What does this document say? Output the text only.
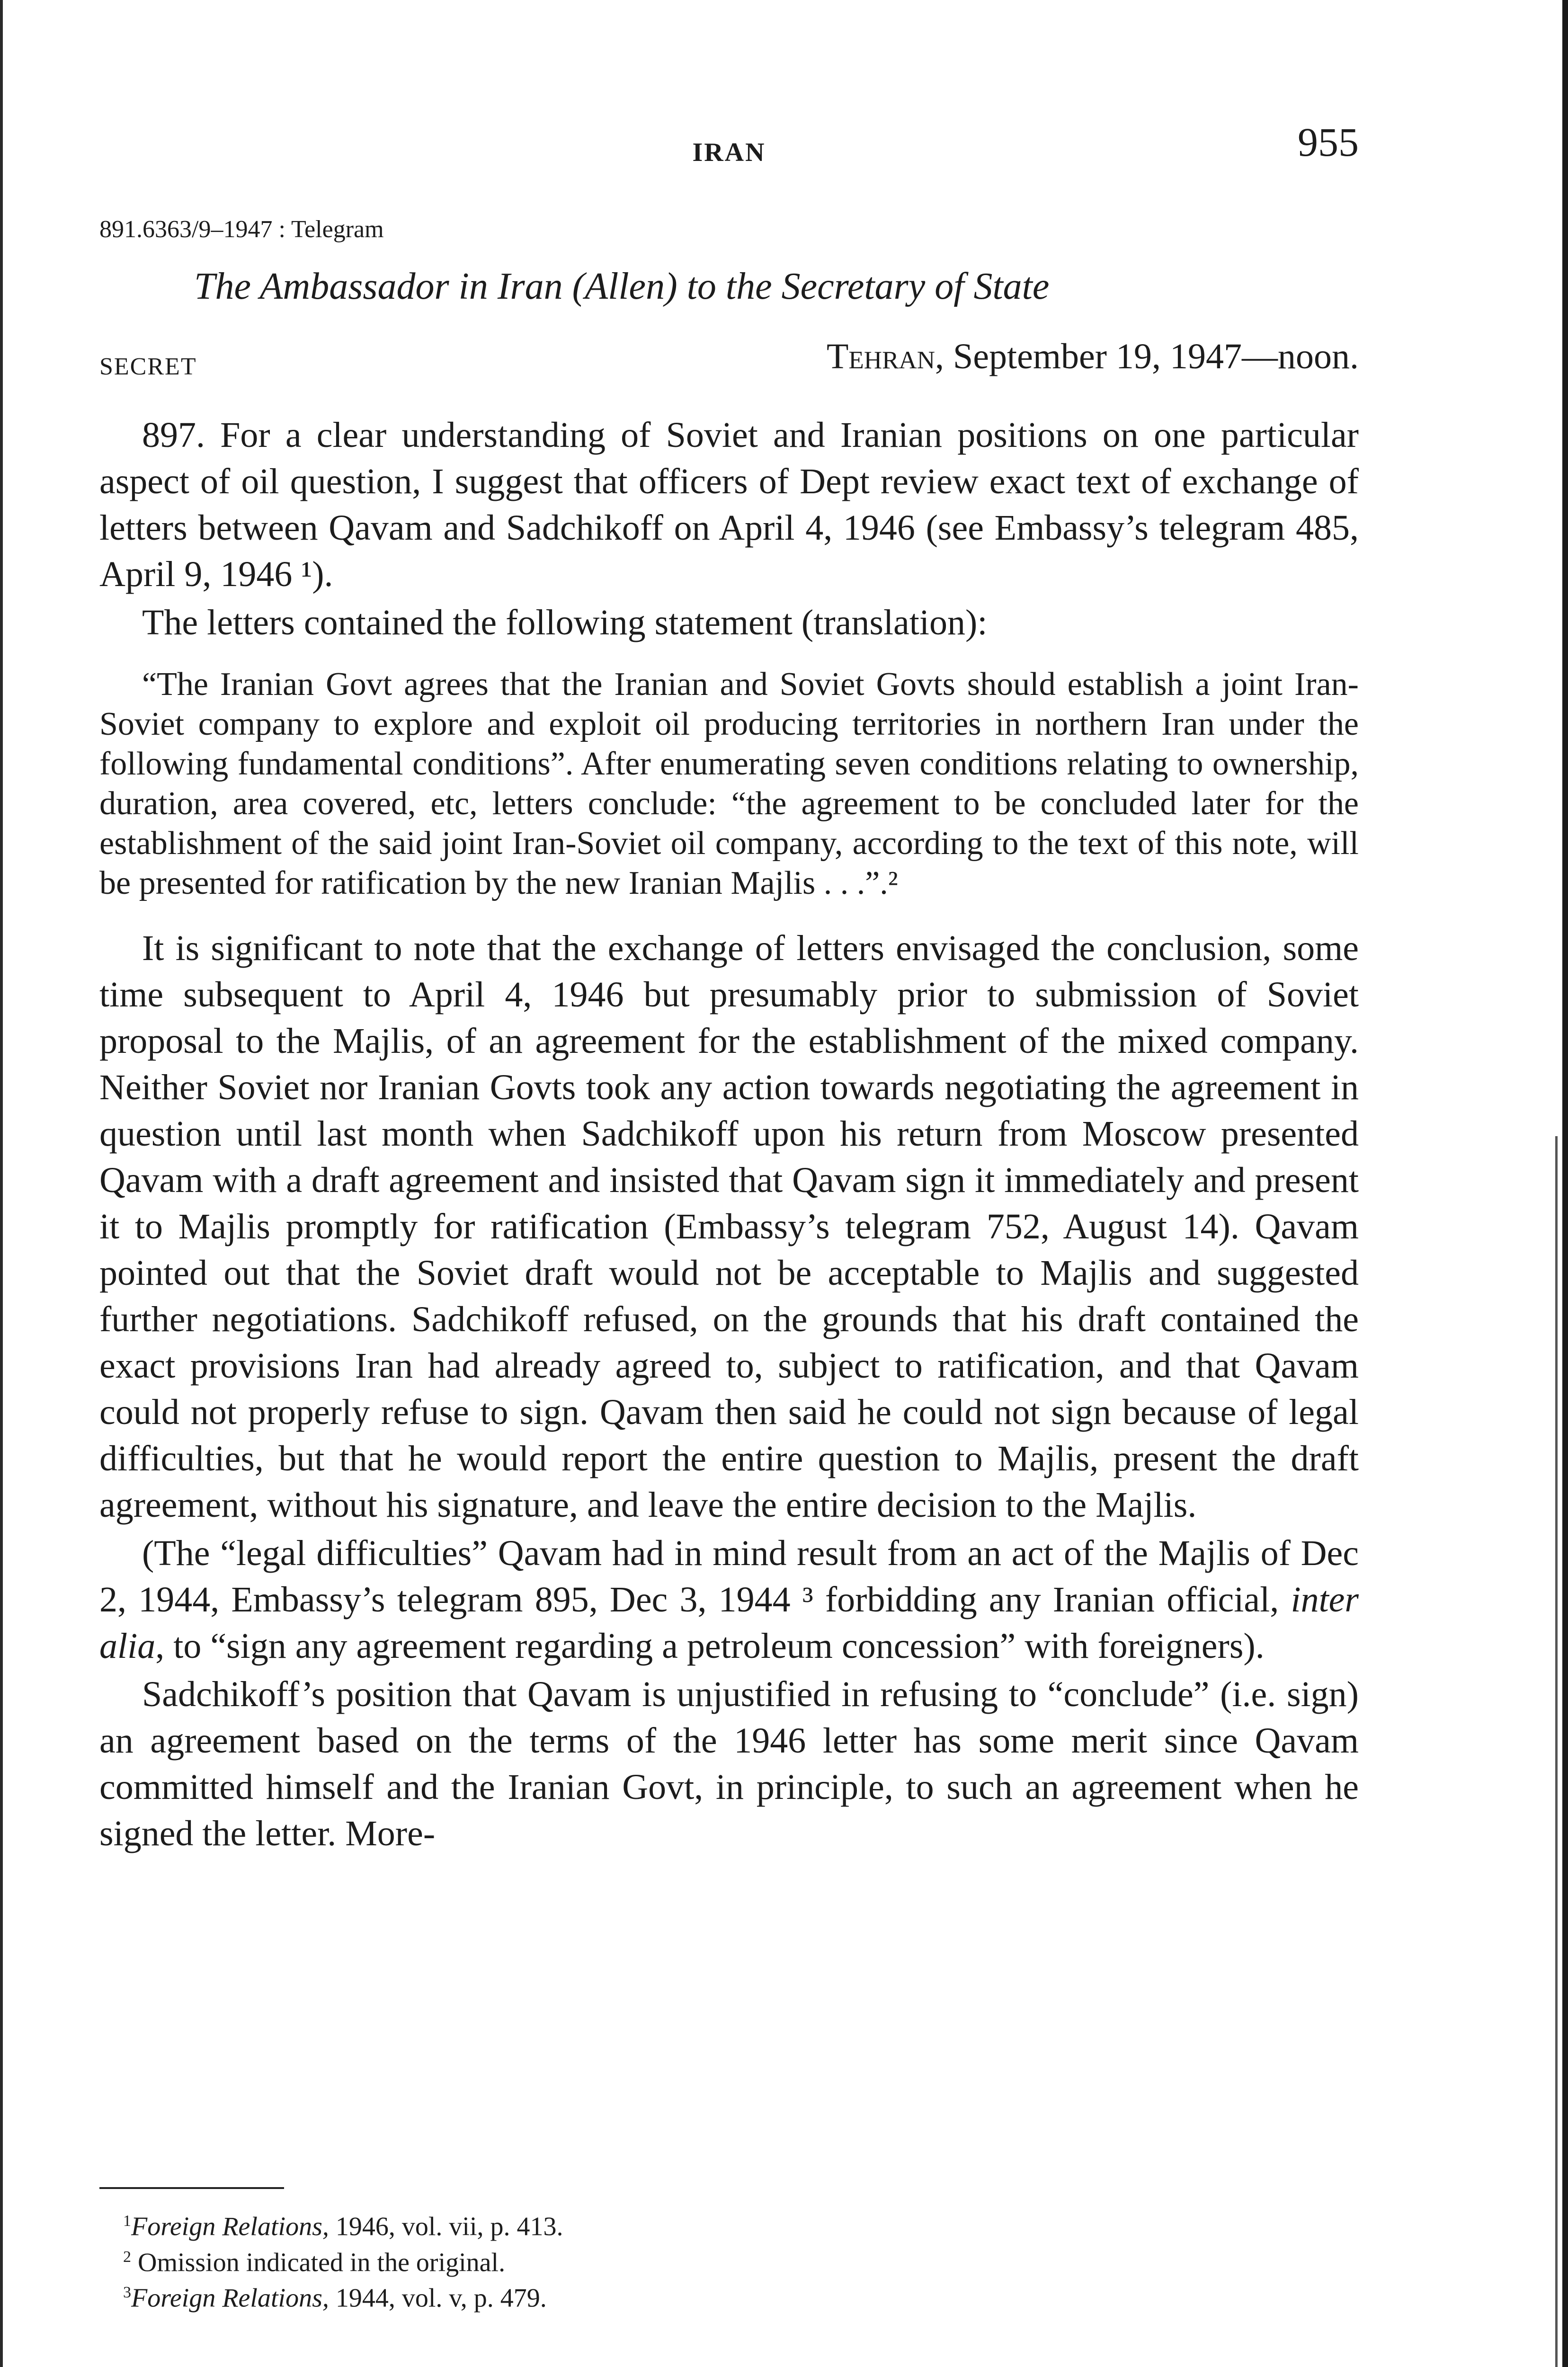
IRAN	955
891.6363/9–1947 : Telegram
The Ambassador in Iran (Allen) to the Secretary of State
SECRET	Tehran, September 19, 1947—noon.

897. For a clear understanding of Soviet and Iranian positions on one particular aspect of oil question, I suggest that officers of Dept review exact text of exchange of letters between Qavam and Sadchikoff on April 4, 1946 (see Embassy’s telegram 485, April 9, 1946 ¹).

The letters contained the following statement (translation):

“The Iranian Govt agrees that the Iranian and Soviet Govts should establish a joint Iran-Soviet company to explore and exploit oil producing territories in northern Iran under the following fundamental conditions”. After enumerating seven conditions relating to ownership, duration, area covered, etc, letters conclude: “the agreement to be concluded later for the establishment of the said joint Iran-Soviet oil company, according to the text of this note, will be presented for ratification by the new Iranian Majlis . . .”.²

It is significant to note that the exchange of letters envisaged the conclusion, some time subsequent to April 4, 1946 but presumably prior to submission of Soviet proposal to the Majlis, of an agreement for the establishment of the mixed company. Neither Soviet nor Iranian Govts took any action towards negotiating the agreement in question until last month when Sadchikoff upon his return from Moscow presented Qavam with a draft agreement and insisted that Qavam sign it immediately and present it to Majlis promptly for ratification (Embassy’s telegram 752, August 14). Qavam pointed out that the Soviet draft would not be acceptable to Majlis and suggested further negotiations. Sadchikoff refused, on the grounds that his draft contained the exact provisions Iran had already agreed to, subject to ratification, and that Qavam could not properly refuse to sign. Qavam then said he could not sign because of legal difficulties, but that he would report the entire question to Majlis, present the draft agreement, without his signature, and leave the entire decision to the Majlis.

(The “legal difficulties” Qavam had in mind result from an act of the Majlis of Dec 2, 1944, Embassy’s telegram 895, Dec 3, 1944 ³ forbidding any Iranian official, inter alia, to “sign any agreement regarding a petroleum concession” with foreigners).

Sadchikoff’s position that Qavam is unjustified in refusing to “conclude” (i.e. sign) an agreement based on the terms of the 1946 letter has some merit since Qavam committed himself and the Iranian Govt, in principle, to such an agreement when he signed the letter. More-

$^1$Foreign Relations, 1946, vol. vii, p. 413.
$^2$ Omission indicated in the original.
$^3$Foreign Relations, 1944, vol. v, p. 479.
